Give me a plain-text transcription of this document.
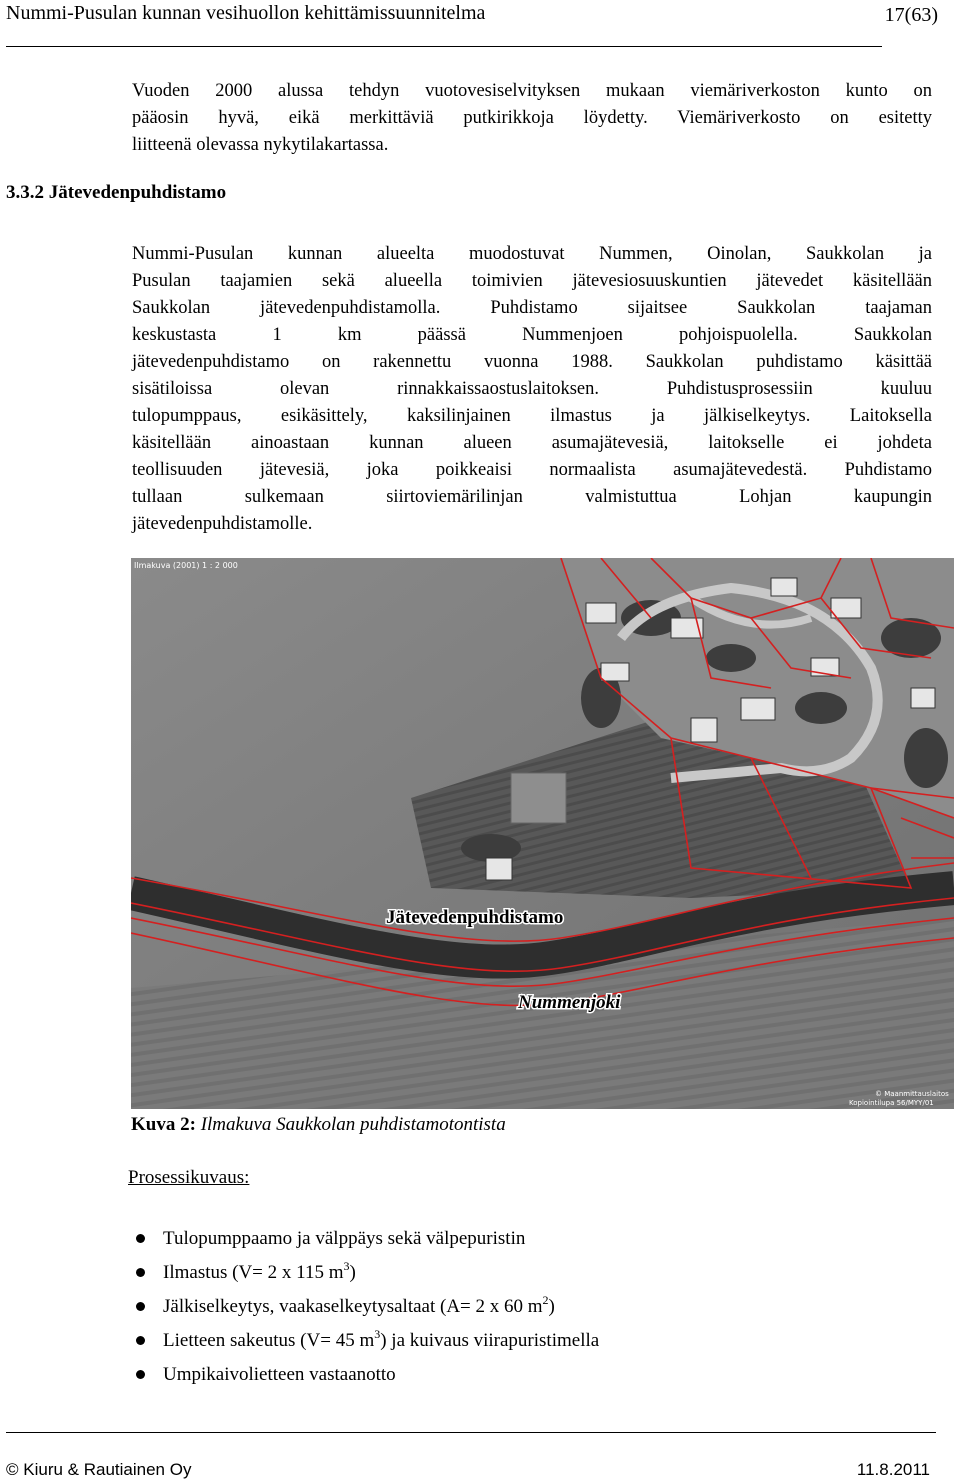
Nummi-Pusulan kunnan vesihuollon kehittämissuunnitelma	17(63)
Vuoden 2000 alussa tehdyn vuotovesiselvityksen mukaan viemäriverkoston kunto on
pääosin hyvä, eikä merkittäviä putkirikkoja löydetty. Viemäriverkosto on esitetty
liitteenä olevassa nykytilakartassa.
3.3.2 Jätevedenpuhdistamo
Nummi-Pusulan kunnan alueelta muodostuvat Nummen, Oinolan, Saukkolan ja
Pusulan taajamien sekä alueella toimivien jätevesiosuuskuntien jätevedet käsitellään
Saukkolan jätevedenpuhdistamolla. Puhdistamo sijaitsee Saukkolan taajaman
keskustasta 1 km päässä Nummenjoen pohjoispuolella. Saukkolan
jätevedenpuhdistamo on rakennettu vuonna 1988. Saukkolan puhdistamo käsittää
sisätiloissa olevan rinnakkaissaostuslaitoksen. Puhdistusprosessiin kuuluu
tulopumppaus, esikäsittely, kaksilinjainen ilmastus ja jälkiselkeytys. Laitoksella
käsitellään ainoastaan kunnan alueen asumajätevesiä, laitokselle ei johdeta
teollisuuden jätevesiä, joka poikkeaisi normaalista asumajätevedestä. Puhdistamo
tullaan sulkemaan siirtoviemärilinjan valmistuttua Lohjan kaupungin
jätevedenpuhdistamolle.
Ilmakuva (2001) 1 : 2 000
Jätevedenpuhdistamo
Nummenjoki
© Maanmittauslaitos
Kopiointilupa 56/MYY/01
Kuva 2: Ilmakuva Saukkolan puhdistamotontista
Prosessikuvaus:
Tulopumppaamo ja välppäys sekä välpepuristin
Ilmastus (V= 2 x 115 $m^3$)
Jälkiselkeytys, vaakaselkeytysaltaat (A= 2 x 60 $m^2$)
Lietteen sakeutus (V= 45 $m^3$) ja kuivaus viirapuristimella
Umpikaivolietteen vastaanotto
© Kiuru & Rautiainen Oy	11.8.2011
